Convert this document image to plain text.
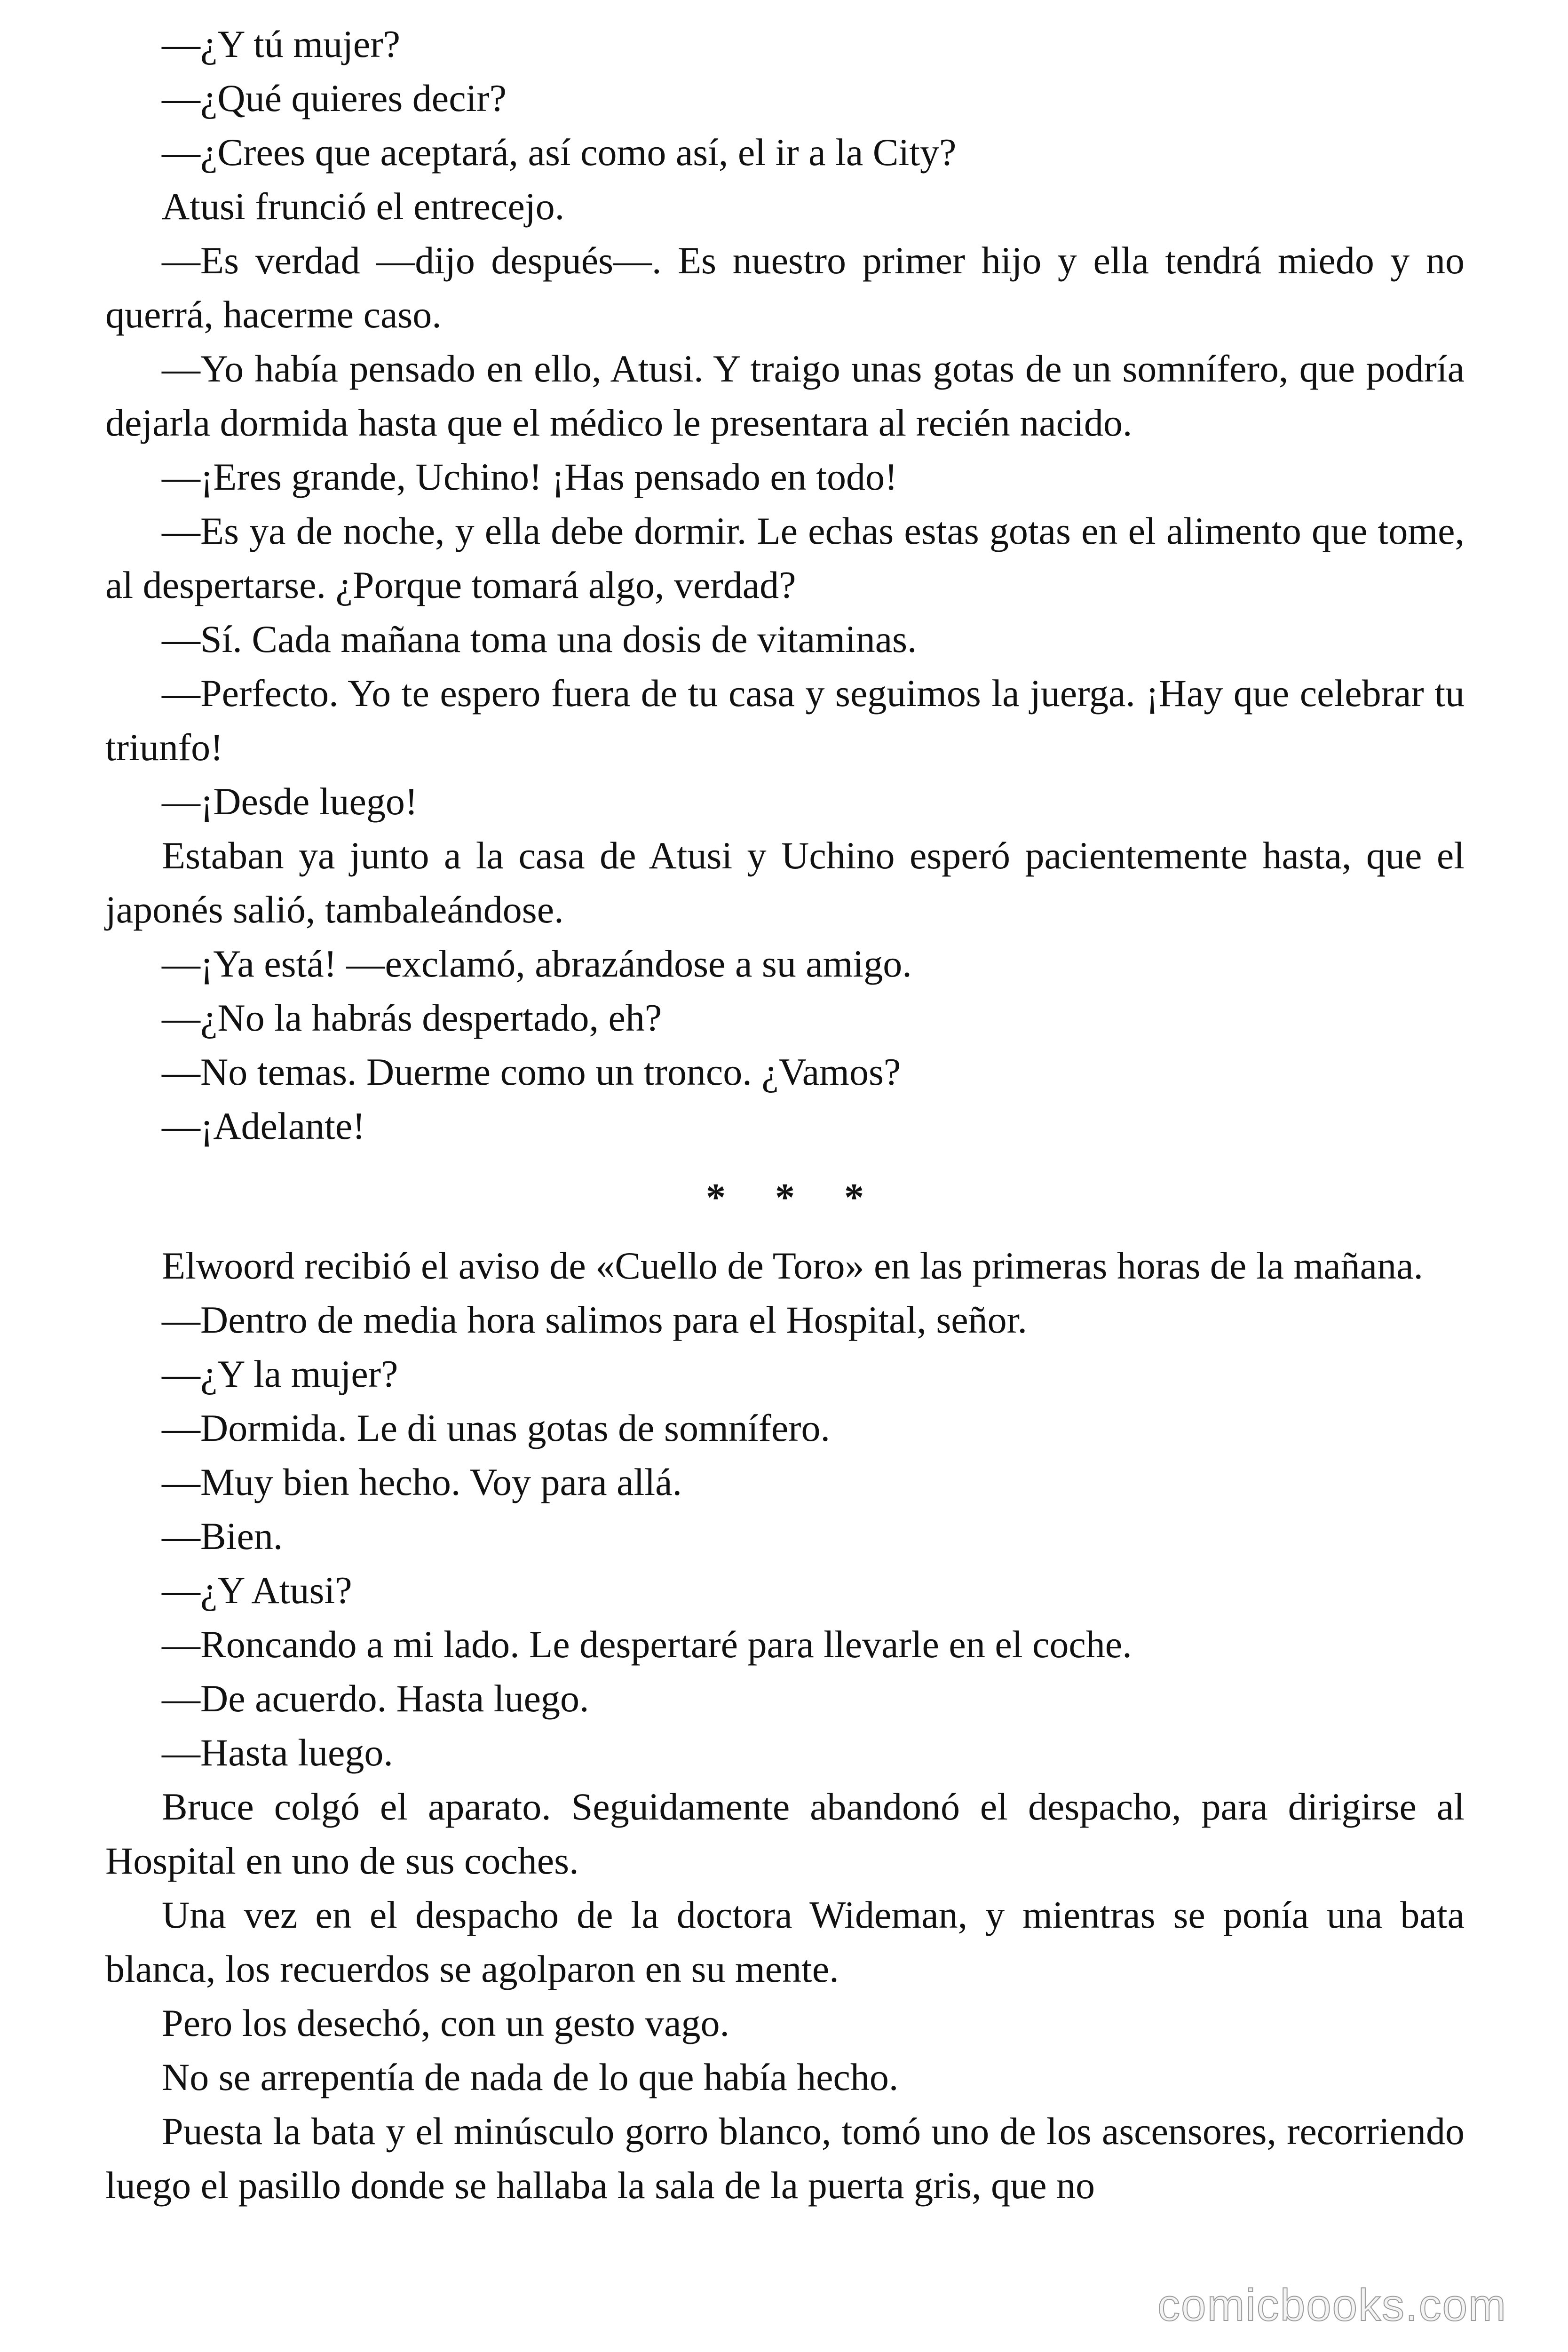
—¿Y tú mujer?

—¿Qué quieres decir?

—¿Crees que aceptará, así como así, el ir a la City?

Atusi frunció el entrecejo.

—Es verdad —dijo después—. Es nuestro primer hijo y ella tendrá miedo y no querrá, hacerme caso.

—Yo había pensado en ello, Atusi. Y traigo unas gotas de un somnífero, que podría dejarla dormida hasta que el médico le presentara al recién nacido.

—¡Eres grande, Uchino! ¡Has pensado en todo!

—Es ya de noche, y ella debe dormir. Le echas estas gotas en el alimento que tome, al despertarse. ¿Porque tomará algo, verdad?

—Sí. Cada mañana toma una dosis de vitaminas.

—Perfecto. Yo te espero fuera de tu casa y seguimos la juerga. ¡Hay que celebrar tu triunfo!

—¡Desde luego!

Estaban ya junto a la casa de Atusi y Uchino esperó pacientemente hasta, que el japonés salió, tambaleándose.

—¡Ya está! —exclamó, abrazándose a su amigo.

—¿No la habrás despertado, eh?

—No temas. Duerme como un tronco. ¿Vamos?

—¡Adelante!

*     *     *

Elwoord recibió el aviso de «Cuello de Toro» en las primeras horas de la mañana.

—Dentro de media hora salimos para el Hospital, señor.

—¿Y la mujer?

—Dormida. Le di unas gotas de somnífero.

—Muy bien hecho. Voy para allá.

—Bien.

—¿Y Atusi?

—Roncando a mi lado. Le despertaré para llevarle en el coche.

—De acuerdo. Hasta luego.

—Hasta luego.

Bruce colgó el aparato. Seguidamente abandonó el despacho, para dirigirse al Hospital en uno de sus coches.

Una vez en el despacho de la doctora Wideman, y mientras se ponía una bata blanca, los recuerdos se agolparon en su mente.

Pero los desechó, con un gesto vago.

No se arrepentía de nada de lo que había hecho.

Puesta la bata y el minúsculo gorro blanco, tomó uno de los ascensores, recorriendo luego el pasillo donde se hallaba la sala de la puerta gris, que no

comicbooks.com
